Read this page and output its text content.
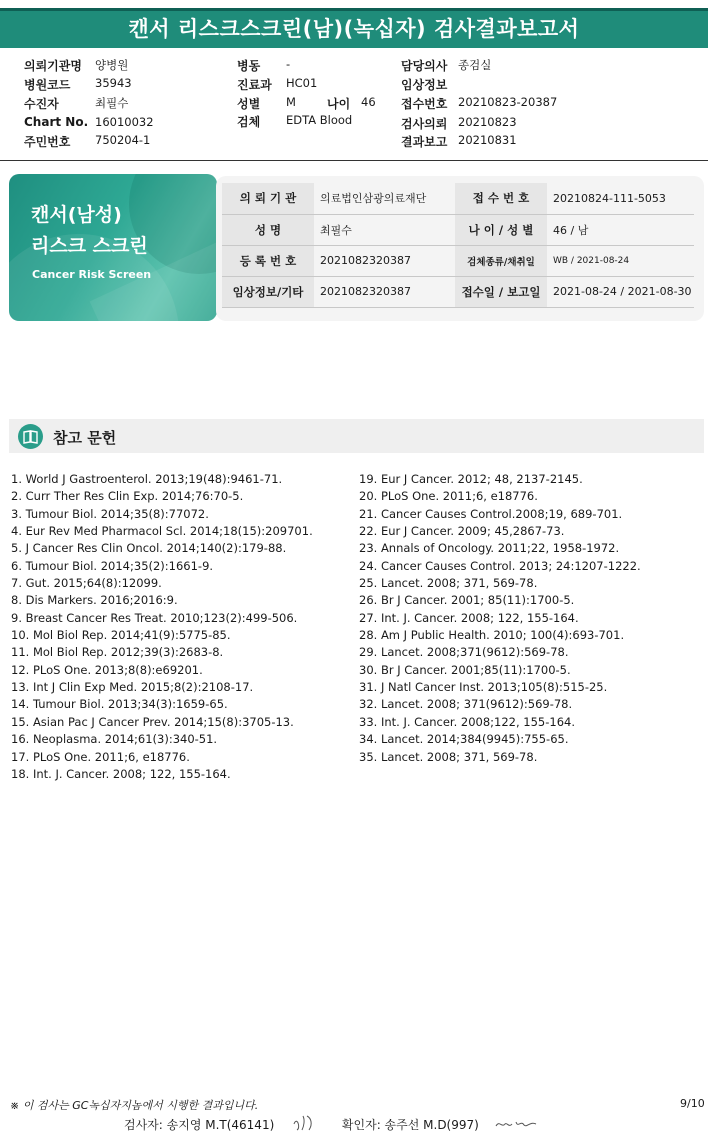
캔서 리스크스크린(남)(녹십자) 검사결과보고서
의뢰기관명 양병원
병원코드 35943
수진자	최필수
Chart No. 16010032
주민번호 750204-1
병동 -
진료과 HC01
성별 M	나이 46
검체 EDTA Blood
담당의사 종검실
임상정보
접수번호 20210823-20387
검사의뢰 20210823
결과보고 20210831
캔서(남성)
리스크 스크린
Cancer Risk Screen
의 뢰 기 관	의료법인삼광의료재단	접 수 번 호	20210824-111-5053
성 명	최필수	나 이 / 성 별	46 / 남
등 록 번 호	2021082320387	검체종류/채취일	WB / 2021-08-24
임상정보/기타	2021082320387	접수일 / 보고일	2021-08-24 / 2021-08-30
참고 문헌
1. World J Gastroenterol. 2013;19(48):9461-71.
2. Curr Ther Res Clin Exp. 2014;76:70-5.
3. Tumour Biol. 2014;35(8):77072.
4. Eur Rev Med Pharmacol Scl. 2014;18(15):209701.
5. J Cancer Res Clin Oncol. 2014;140(2):179-88.
6. Tumour Biol. 2014;35(2):1661-9.
7. Gut. 2015;64(8):12099.
8. Dis Markers. 2016;2016:9.
9. Breast Cancer Res Treat. 2010;123(2):499-506.
10. Mol Biol Rep. 2014;41(9):5775-85.
11. Mol Biol Rep. 2012;39(3):2683-8.
12. PLoS One. 2013;8(8):e69201.
13. Int J Clin Exp Med. 2015;8(2):2108-17.
14. Tumour Biol. 2013;34(3):1659-65.
15. Asian Pac J Cancer Prev. 2014;15(8):3705-13.
16. Neoplasma. 2014;61(3):340-51.
17. PLoS One. 2011;6, e18776.
18. Int. J. Cancer. 2008; 122, 155-164.
19. Eur J Cancer. 2012; 48, 2137-2145.
20. PLoS One. 2011;6, e18776.
21. Cancer Causes Control.2008;19, 689-701.
22. Eur J Cancer. 2009; 45,2867-73.
23. Annals of Oncology. 2011;22, 1958-1972.
24. Cancer Causes Control. 2013; 24:1207-1222.
25. Lancet. 2008; 371, 569-78.
26. Br J Cancer. 2001; 85(11):1700-5.
27. Int. J. Cancer. 2008; 122, 155-164.
28. Am J Public Health. 2010; 100(4):693-701.
29. Lancet. 2008;371(9612):569-78.
30. Br J Cancer. 2001;85(11):1700-5.
31. J Natl Cancer Inst. 2013;105(8):515-25.
32. Lancet. 2008; 371(9612):569-78.
33. Int. J. Cancer. 2008;122, 155-164.
34. Lancet. 2014;384(9945):755-65.
35. Lancet. 2008; 371, 569-78.
※ 이 검사는 GC녹십자지놈에서 시행한 결과입니다.	9/10
검사자: 송지영 M.T(46141)	확인자: 송주선 M.D(997)
